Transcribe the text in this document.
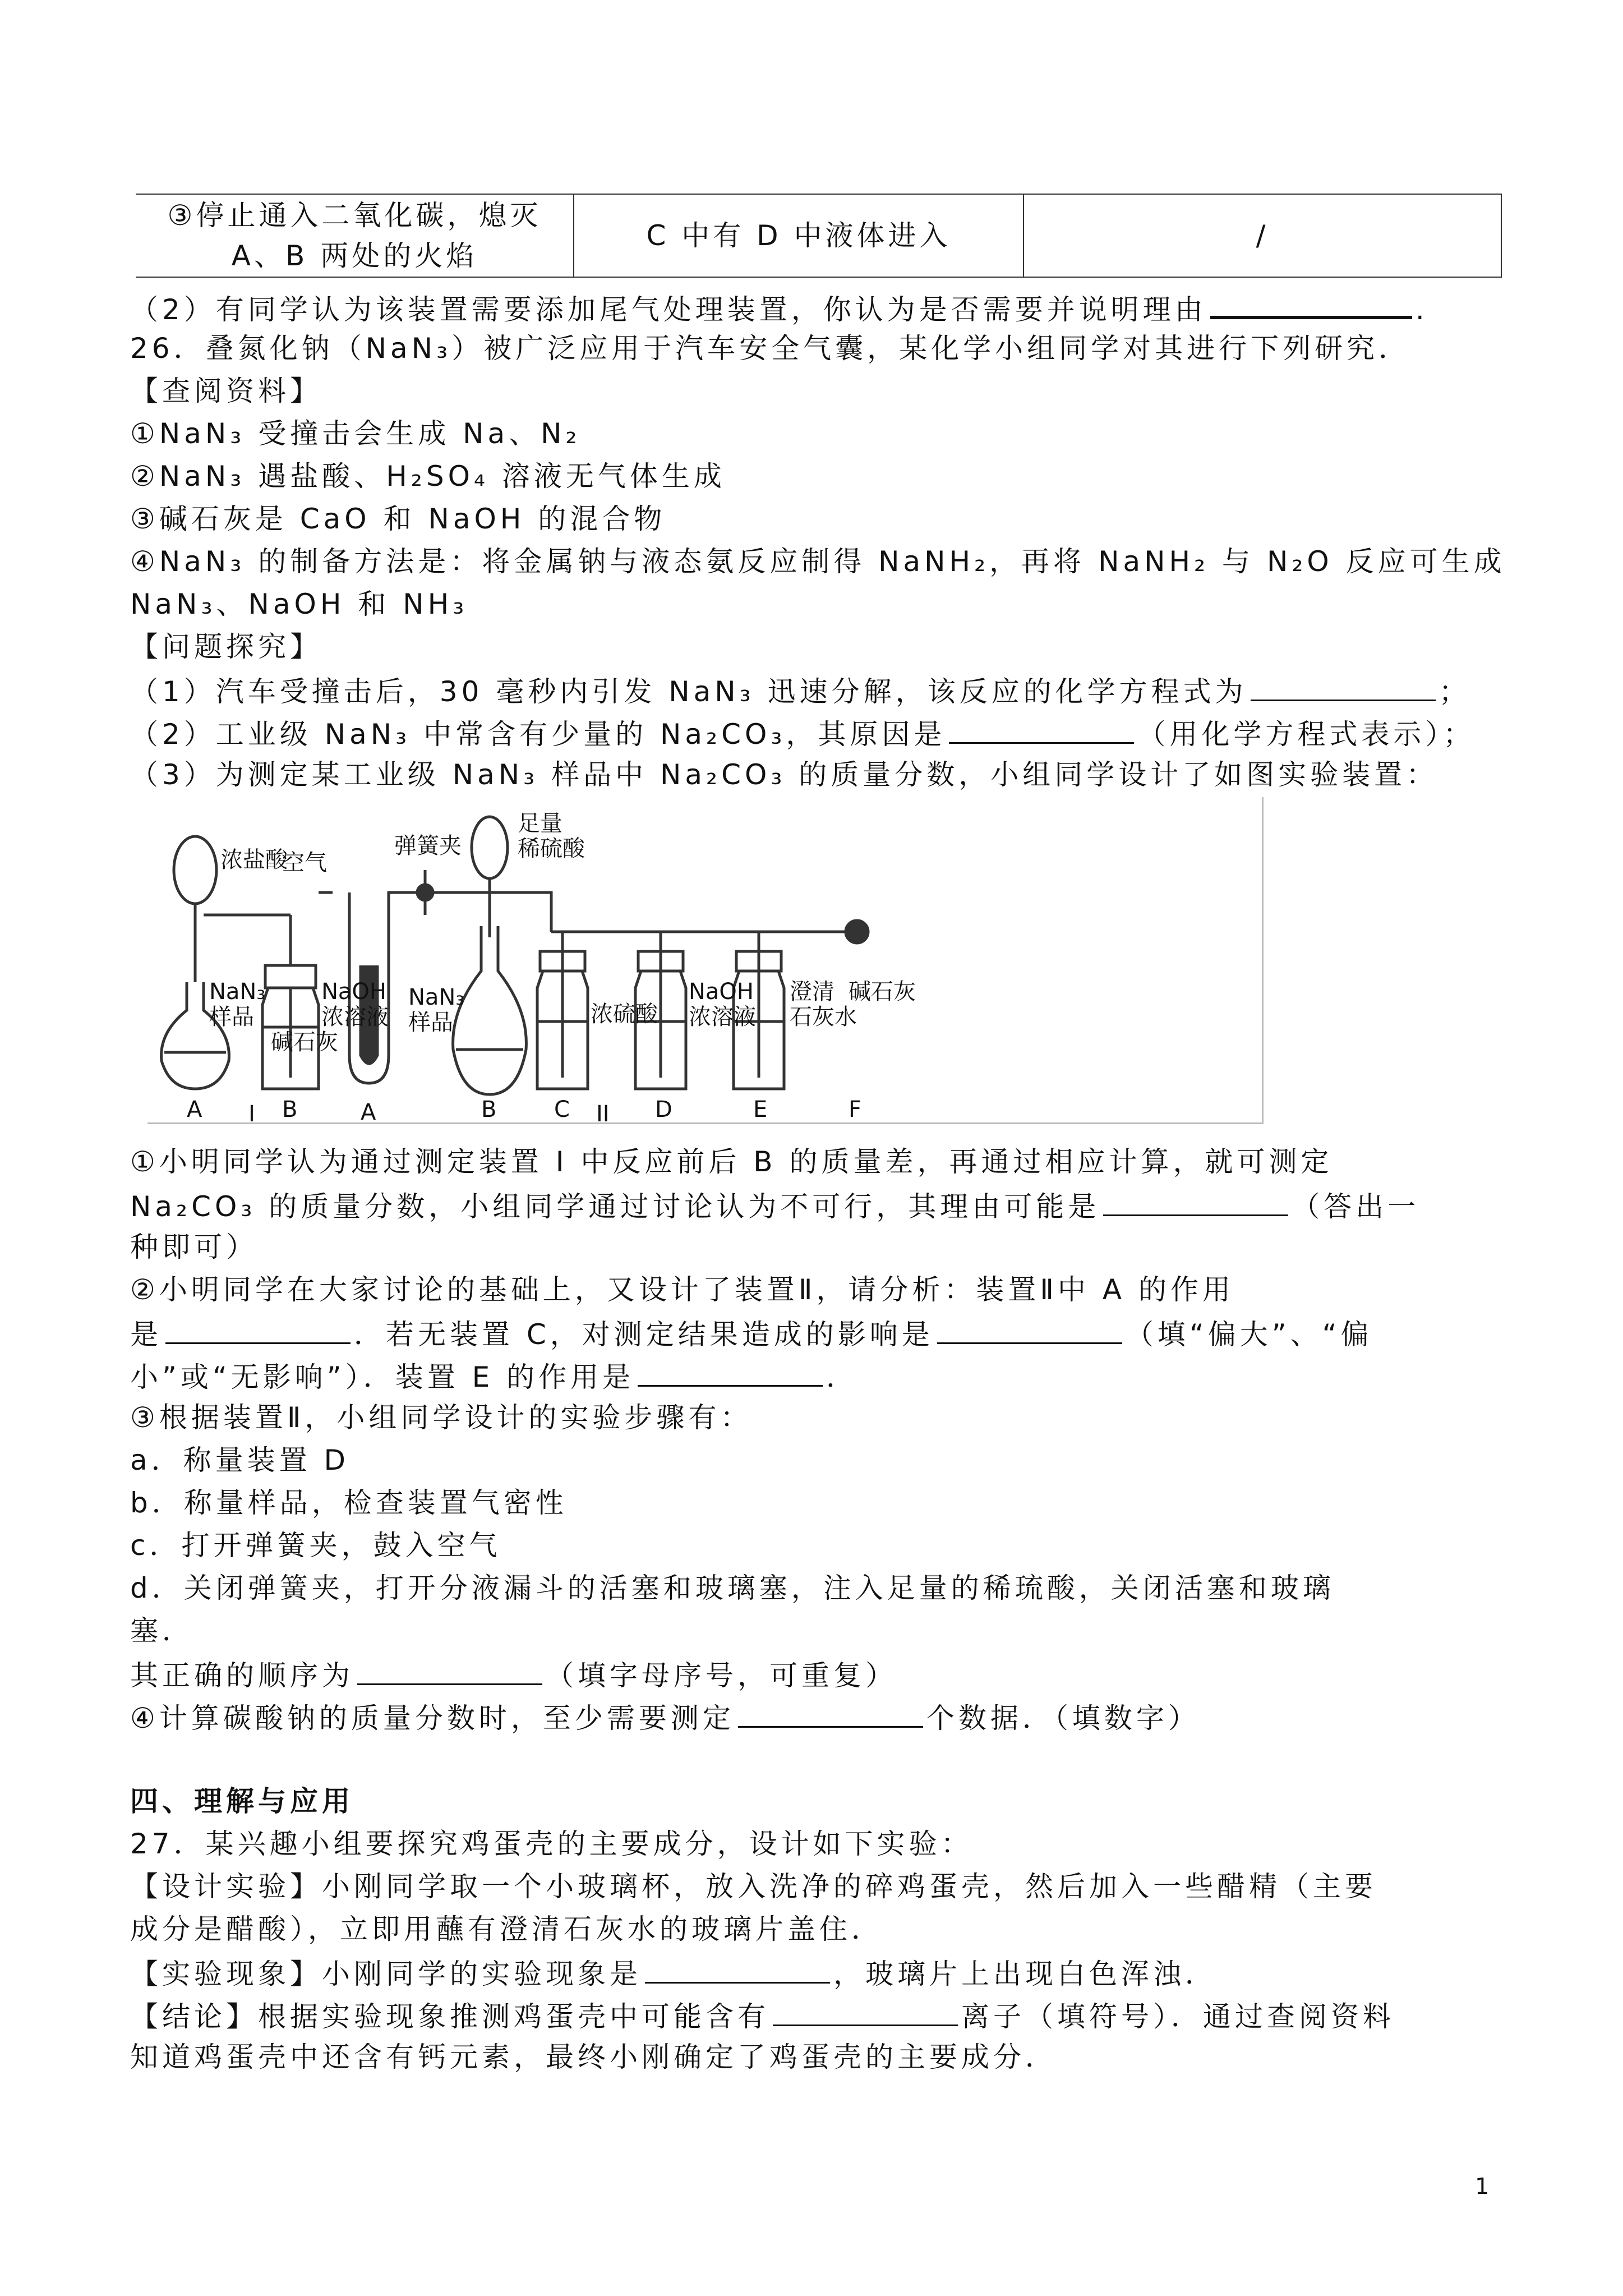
③停止通入二氧化碳，熄灭 A、B 两处的火焰	C 中有 D 中液体进入	/
（2）有同学认为该装置需要添加尾气处理装置，你认为是否需要并说明理由	.
26．叠氮化钠（NaN₃）被广泛应用于汽车安全气囊，某化学小组同学对其进行下列研究．
【查阅资料】
①NaN₃ 受撞击会生成 Na、N₂
②NaN₃ 遇盐酸、H₂SO₄ 溶液无气体生成
③碱石灰是 CaO 和 NaOH 的混合物
④NaN₃ 的制备方法是：将金属钠与液态氨反应制得 NaNH₂，再将 NaNH₂ 与 N₂O 反应可生成
NaN₃、NaOH 和 NH₃
【问题探究】
（1）汽车受撞击后，30 毫秒内引发 NaN₃ 迅速分解，该反应的化学方程式为	；
（2）工业级 NaN₃ 中常含有少量的 Na₂CO₃，其原因是	（用化学方程式表示）；
（3）为测定某工业级 NaN₃ 样品中 Na₂CO₃ 的质量分数，小组同学设计了如图实验装置：
浓盐酸
NaN₃
样品
NaOH
浓溶液
空气
弹簧夹
足量
稀硫酸
碱石灰
NaN₃
样品	浓硫酸
NaOH
浓溶液
澄清
石灰水
碱石灰
A	B	A	B	C	D	E	F
I	II
①小明同学认为通过测定装置 I 中反应前后 B 的质量差，再通过相应计算，就可测定
Na₂CO₃ 的质量分数，小组同学通过讨论认为不可行，其理由可能是	（答出一
种即可）
②小明同学在大家讨论的基础上，又设计了装置Ⅱ，请分析：装置Ⅱ中 A 的作用
是	．若无装置 C，对测定结果造成的影响是	（填“偏大”、“偏
小”或“无影响”）．装置 E 的作用是	．
③根据装置Ⅱ，小组同学设计的实验步骤有：
a．称量装置 D
b．称量样品，检查装置气密性
c．打开弹簧夹，鼓入空气
d．关闭弹簧夹，打开分液漏斗的活塞和玻璃塞，注入足量的稀琉酸，关闭活塞和玻璃
塞．
其正确的顺序为	（填字母序号，可重复）
④计算碳酸钠的质量分数时，至少需要测定	个数据．（填数字）
四、理解与应用
27．某兴趣小组要探究鸡蛋壳的主要成分，设计如下实验：
【设计实验】小刚同学取一个小玻璃杯，放入洗净的碎鸡蛋壳，然后加入一些醋精（主要
成分是醋酸），立即用蘸有澄清石灰水的玻璃片盖住．
【实验现象】小刚同学的实验现象是	，玻璃片上出现白色浑浊．
【结论】根据实验现象推测鸡蛋壳中可能含有	离子（填符号）．通过查阅资料
知道鸡蛋壳中还含有钙元素，最终小刚确定了鸡蛋壳的主要成分．
1
